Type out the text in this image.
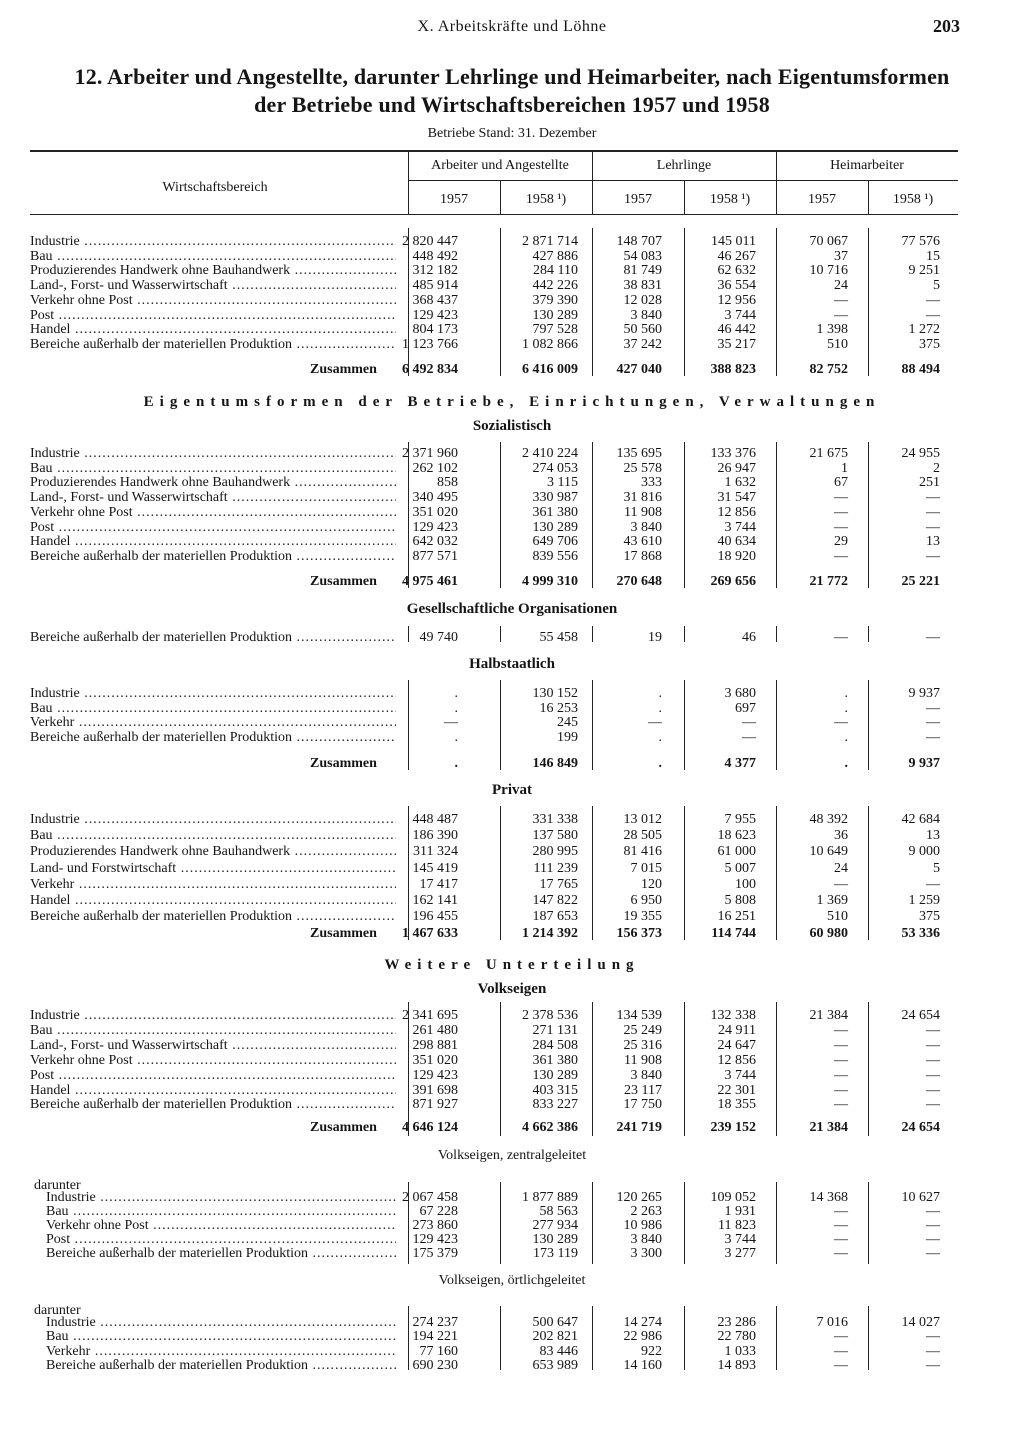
X. Arbeitskräfte und Löhne	203
12. Arbeiter und Angestellte, darunter Lehrlinge und Heimarbeiter, nach Eigentumsformen
der Betriebe und Wirtschaftsbereichen 1957 und 1958
Betriebe Stand: 31. Dezember
Wirtschaftsbereich
Arbeiter und Angestellte	Lehrlinge	Heimarbeiter
1957	1958 ¹)	1957	1958 ¹)	1957	1958 ¹)
Industrie .....	2 820 447	2 871 714	148 707	145 011	70 067	77 576
Bau .....	448 492	427 886	54 083	46 267	37	15
Produzierendes Handwerk ohne Bauhandwerk .....	312 182	284 110	81 749	62 632	10 716	9 251
Land-, Forst- und Wasserwirtschaft .....	485 914	442 226	38 831	36 554	24	5
Verkehr ohne Post .....	368 437	379 390	12 028	12 956	—	—
Post .....	129 423	130 289	3 840	3 744	—	—
Handel .....	804 173	797 528	50 560	46 442	1 398	1 272
Bereiche außerhalb der materiellen Produktion .....	1 123 766	1 082 866	37 242	35 217	510	375
Zusammen	6 492 834	6 416 009	427 040	388 823	82 752	88 494
Eigentumsformen der Betriebe, Einrichtungen, Verwaltungen
Sozialistisch
Industrie .....	2 371 960	2 410 224	135 695	133 376	21 675	24 955
Bau .....	262 102	274 053	25 578	26 947	1	2
Produzierendes Handwerk ohne Bauhandwerk .....	858	3 115	333	1 632	67	251
Land-, Forst- und Wasserwirtschaft .....	340 495	330 987	31 816	31 547	—	—
Verkehr ohne Post .....	351 020	361 380	11 908	12 856	—	—
Post .....	129 423	130 289	3 840	3 744	—	—
Handel .....	642 032	649 706	43 610	40 634	29	13
Bereiche außerhalb der materiellen Produktion .....	877 571	839 556	17 868	18 920	—	—
Zusammen	4 975 461	4 999 310	270 648	269 656	21 772	25 221
Gesellschaftliche Organisationen
Bereiche außerhalb der materiellen Produktion .....	49 740	55 458	19	46	—	—
Halbstaatlich
Industrie .....	.	130 152	.	3 680	.	9 937
Bau .....	.	16 253	.	697	.	—
Verkehr .....	—	245	—	—	—	—
Bereiche außerhalb der materiellen Produktion .....	.	199	.	—	.	—
Zusammen	.	146 849	.	4 377	.	9 937
Privat
Industrie .....	448 487	331 338	13 012	7 955	48 392	42 684
Bau .....	186 390	137 580	28 505	18 623	36	13
Produzierendes Handwerk ohne Bauhandwerk .....	311 324	280 995	81 416	61 000	10 649	9 000
Land- und Forstwirtschaft .....	145 419	111 239	7 015	5 007	24	5
Verkehr .....	17 417	17 765	120	100	—	—
Handel .....	162 141	147 822	6 950	5 808	1 369	1 259
Bereiche außerhalb der materiellen Produktion .....	196 455	187 653	19 355	16 251	510	375
Zusammen	1 467 633	1 214 392	156 373	114 744	60 980	53 336
Weitere Unterteilung
Volkseigen
Industrie .....	2 341 695	2 378 536	134 539	132 338	21 384	24 654
Bau .....	261 480	271 131	25 249	24 911	—	—
Land-, Forst- und Wasserwirtschaft .....	298 881	284 508	25 316	24 647	—	—
Verkehr ohne Post .....	351 020	361 380	11 908	12 856	—	—
Post .....	129 423	130 289	3 840	3 744	—	—
Handel .....	391 698	403 315	23 117	22 301	—	—
Bereiche außerhalb der materiellen Produktion .....	871 927	833 227	17 750	18 355	—	—
Zusammen	4 646 124	4 662 386	241 719	239 152	21 384	24 654
Volkseigen, zentralgeleitet
darunter
Industrie .....	2 067 458	1 877 889	120 265	109 052	14 368	10 627
Bau .....	67 228	58 563	2 263	1 931	—	—
Verkehr ohne Post .....	273 860	277 934	10 986	11 823	—	—
Post .....	129 423	130 289	3 840	3 744	—	—
Bereiche außerhalb der materiellen Produktion .....	175 379	173 119	3 300	3 277	—	—
Volkseigen, örtlichgeleitet
darunter
Industrie .....	274 237	500 647	14 274	23 286	7 016	14 027
Bau .....	194 221	202 821	22 986	22 780	—	—
Verkehr .....	77 160	83 446	922	1 033	—	—
Bereiche außerhalb der materiellen Produktion .....	690 230	653 989	14 160	14 893	—	—
